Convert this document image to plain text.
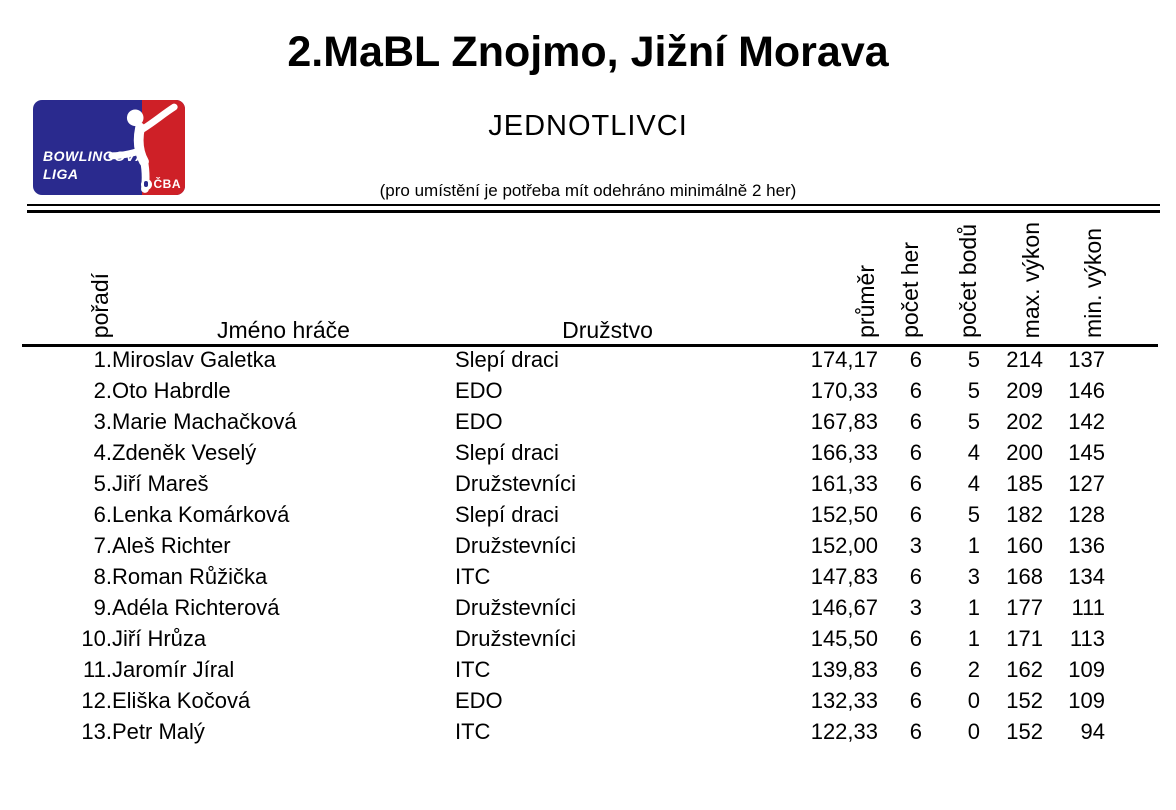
2.MaBL Znojmo, Jižní Morava
BOWLINGOVÁ
LIGA
ČBA
JEDNOTLIVCI
(pro umístění je potřeba mít odehráno minimálně 2 her)
pořadí	Jméno hráče	Družstvo	průměr	počet her	počet bodů	max. výkon	min. výkon
1.	Miroslav Galetka	Slepí draci	174,17	6	5	214	137
2.	Oto Habrdle	EDO	170,33	6	5	209	146
3.	Marie Machačková	EDO	167,83	6	5	202	142
4.	Zdeněk Veselý	Slepí draci	166,33	6	4	200	145
5.	Jiří Mareš	Družstevníci	161,33	6	4	185	127
6.	Lenka Komárková	Slepí draci	152,50	6	5	182	128
7.	Aleš Richter	Družstevníci	152,00	3	1	160	136
8.	Roman Růžička	ITC	147,83	6	3	168	134
9.	Adéla Richterová	Družstevníci	146,67	3	1	177	111
10.	Jiří Hrůza	Družstevníci	145,50	6	1	171	113
11.	Jaromír Jíral	ITC	139,83	6	2	162	109
12.	Eliška Kočová	EDO	132,33	6	0	152	109
13.	Petr Malý	ITC	122,33	6	0	152	94
